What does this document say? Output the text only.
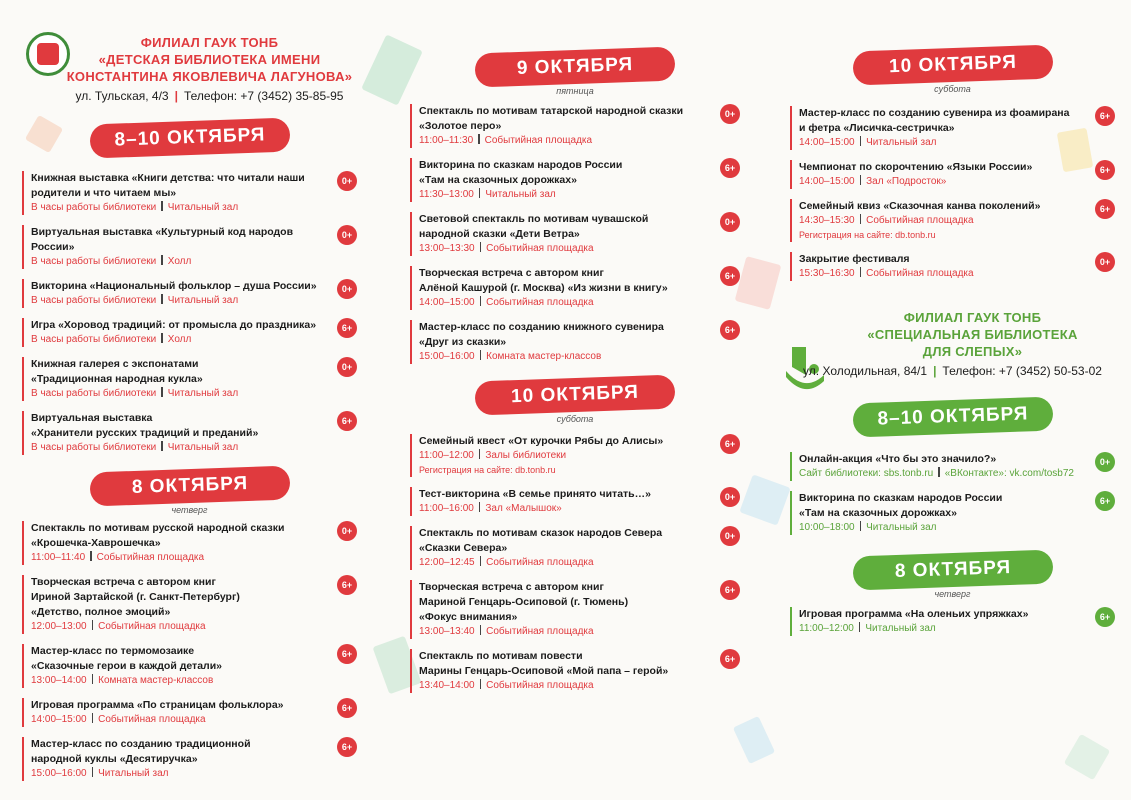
ФИЛИАЛ ГАУК ТОНБ
«ДЕТСКАЯ БИБЛИОТЕКА ИМЕНИ
КОНСТАНТИНА ЯКОВЛЕВИЧА ЛАГУНОВА»
ул. Тульская, 4/3 | Телефон: +7 (3452) 35-85-95
8–10 ОКТЯБРЯ
Книжная выставка «Книги детства: что читали наши
родители и что читаем мы»
В часы работы библиотеки Читальный зал
0+
Виртуальная выставка «Культурный код народов России»
В часы работы библиотеки Холл
0+
Викторина «Национальный фольклор – душа России»
В часы работы библиотеки Читальный зал
0+
Игра «Хоровод традиций: от промысла до праздника»
В часы работы библиотеки Холл
6+
Книжная галерея с экспонатами
«Традиционная народная кукла»
В часы работы библиотеки Читальный зал
0+
Виртуальная выставка
«Хранители русских традиций и преданий»
В часы работы библиотеки Читальный зал
6+
8 ОКТЯБРЯ
четверг
Спектакль по мотивам русской народной сказки
«Крошечка-Хаврошечка»
11:00–11:40 Событийная площадка
0+
Творческая встреча с автором книг
Ириной Зартайской (г. Санкт-Петербург)
«Детство, полное эмоций»
12:00–13:00 Событийная площадка
6+
Мастер-класс по термомозаике
«Сказочные герои в каждой детали»
13:00–14:00 Комната мастер-классов
6+
Игровая программа «По страницам фольклора»
14:00–15:00 Событийная площадка
6+
Мастер-класс по созданию традиционной
народной куклы «Десятиручка»
15:00–16:00 Читальный зал
6+
9 ОКТЯБРЯ
пятница
Спектакль по мотивам татарской народной сказки
«Золотое перо»
11:00–11:30 Событийная площадка
0+
Викторина по сказкам народов России
«Там на сказочных дорожках»
11:30–13:00 Читальный зал
6+
Световой спектакль по мотивам чувашской
народной сказки «Дети Ветра»
13:00–13:30 Событийная площадка
0+
Творческая встреча с автором книг
Алёной Кашурой (г. Москва) «Из жизни в книгу»
14:00–15:00 Событийная площадка
6+
Мастер-класс по созданию книжного сувенира
«Друг из сказки»
15:00–16:00 Комната мастер-классов
6+
10 ОКТЯБРЯ
суббота
Семейный квест «От курочки Рябы до Алисы»
11:00–12:00 Залы библиотеки
Регистрация на сайте: db.tonb.ru
6+
Тест-викторина «В семье принято читать…»
11:00–16:00 Зал «Малышок»
0+
Спектакль по мотивам сказок народов Севера
«Сказки Севера»
12:00–12:45 Событийная площадка
0+
Творческая встреча с автором книг
Мариной Генцарь-Осиповой (г. Тюмень)
«Фокус внимания»
13:00–13:40 Событийная площадка
6+
Спектакль по мотивам повести
Марины Генцарь-Осиповой «Мой папа – герой»
13:40–14:00 Событийная площадка
6+
10 ОКТЯБРЯ
суббота
Мастер-класс по созданию сувенира из фоамирана
и фетра «Лисичка-сестричка»
14:00–15:00 Читальный зал
6+
Чемпионат по скорочтению «Языки России»
14:00–15:00 Зал «Подросток»
6+
Семейный квиз «Сказочная канва поколений»
14:30–15:30 Событийная площадка
Регистрация на сайте: db.tonb.ru
6+
Закрытие фестиваля
15:30–16:30 Событийная площадка
0+
ФИЛИАЛ ГАУК ТОНБ
«СПЕЦИАЛЬНАЯ БИБЛИОТЕКА
ДЛЯ СЛЕПЫХ»
ул. Холодильная, 84/1 | Телефон: +7 (3452) 50-53-02
8–10 ОКТЯБРЯ
Онлайн-акция «Что бы это значило?»
Сайт библиотеки: sbs.tonb.ru «ВКонтакте»: vk.com/tosb72
0+
Викторина по сказкам народов России
«Там на сказочных дорожках»
10:00–18:00 Читальный зал
6+
8 ОКТЯБРЯ
четверг
Игровая программа «На оленьих упряжках»
11:00–12:00 Читальный зал
6+
